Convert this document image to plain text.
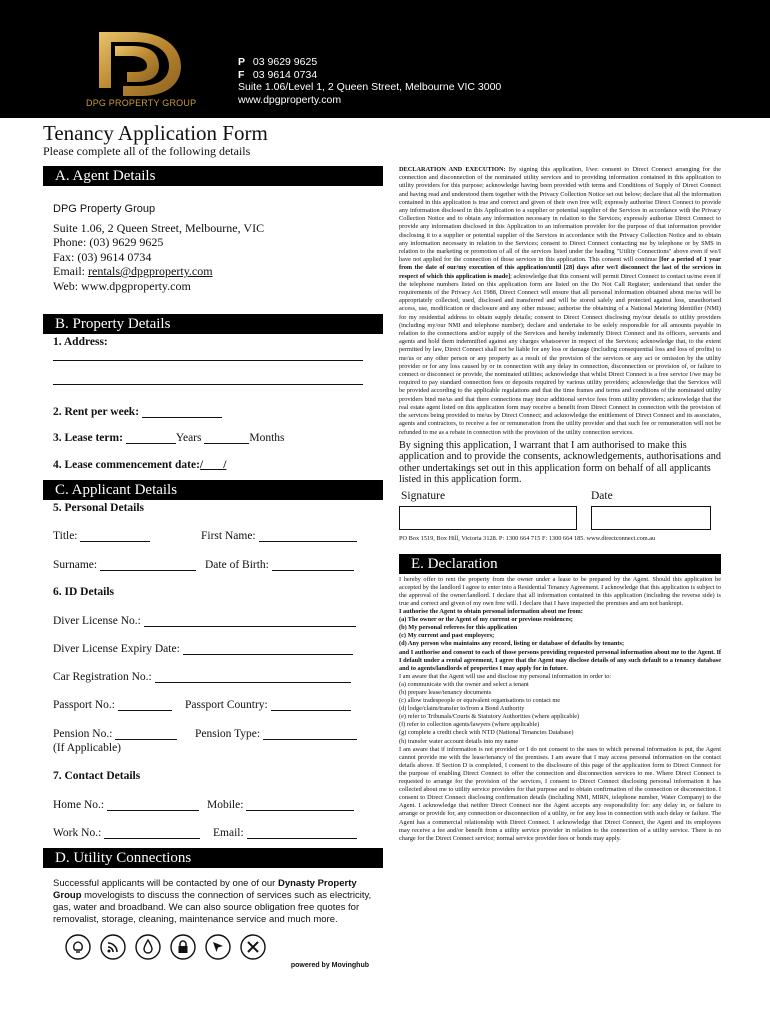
DPG PROPERTY GROUP
P 03 9629 9625
F 03 9614 0734
Suite 1.06/Level 1, 2 Queen Street, Melbourne VIC 3000
www.dpgproperty.com
Tenancy Application Form
Please complete all of the following details
A. Agent Details
DPG Property Group
Suite 1.06, 2 Queen Street, Melbourne, VIC
Phone: (03) 9629 9625
Fax: (03) 9614 0734
Email: rentals@dpgproperty.com
Web: www.dpgproperty.com
B. Property Details
1. Address:
2. Rent per week:
3. Lease term:	Years	Months
4. Lease commencement date:/       /
C. Applicant Details
5. Personal Details
Title:	First Name:
Surname:	Date of Birth:
6. ID Details
Diver License No.:
Diver License Expiry Date:
Car Registration No.:
Passport No.:	Passport Country:
Pension No.:	Pension Type:
(If Applicable)
7. Contact Details
Home No.:	Mobile:
Work No.:	Email:
D. Utility Connections
Successful applicants will be contacted by one of our Dynasty Property Group movelogists to discuss the connection of services such as electricity, gas, water and broadband. We can also source obligation free quotes for removalist, storage, cleaning, maintenance service and much more.
powered by Movinghub
DECLARATION AND EXECUTION: By signing this application, I/we: consent to Direct Connect arranging for the connection and disconnection of the nominated utility services and to providing information contained in this application to utility providers for this purpose; acknowledge having been provided with terms and Conditions of Supply of Direct Connect and having read and understood them together with the Privacy Collection Notice set out below; declare that all the information contained in this application is true and correct and given of their own free will; expressly authorise Direct Connect to provide any information disclosed in this Application to a supplier or potential supplier of the Services in accordance with the Privacy Collection Notice and to obtain any information necessary in relation to the Services; expressly authorise Direct Connect to provide any information disclosed in this Application to an information provider for the purpose of that information provider disclosing it to a supplier or potential supplier of the Services in accordance with the Privacy Collection Notice and to obtain any information necessary in relation to the Services; consent to Direct Connect contacting me by telephone or by SMS in relation to the marketing or promotion of all of the services listed under the heading "Utility Connections" above even if we/I have not applied for the connection of those services in this application. This consent will continue [for a period of 1 year from the date of our/my execution of this application/until [28] days after we/I disconnect the last of the services in respect of which this application is made]; acknowledge that this consent will permit Direct Connect to contact us/me even if the telephone numbers listed on this application form are listed on the Do Not Call Register; understand that under the requirements of the Privacy Act 1988, Direct Connect will ensure that all personal information obtained about me/us will be appropriately collected, used, disclosed and transferred and will be stored safely and protected against loss, unauthorised access, use, modification or disclosure and any other misuse; authorise the obtaining of a National Metering Identifier (NMI) for my residential address to obtain supply details; consent to Direct Connect disclosing my/our details to utility providers (including my/our NMI and telephone number); declare and undertake to be solely responsible for all amounts payable in relation to the connections and/or supply of the Services and hereby indemnify Direct Connect and its officers, servants and agents and hold them indemnified against any charges whatsoever in respect of the Services; acknowledge that, to the extent permitted by law, Direct Connect shall not be liable for any loss or damage (including consequential loss and loss of profits) to me/us or any other person or any property as a result of the provision of the services or any act or omission by the utility provider or for any loss caused by or in connection with any delay in connection, disconnection or provision of, or failure to connect or disconnect or provide, the nominated utilities; acknowledge that whilst Direct Connect is a free service I/we may be required to pay standard connection fees or deposits required by various utility providers; acknowledge that the Services will be provided according to the applicable regulations and that the time frames and terms and conditions of the nominated utility providers bind me/us and that there connections may incur additional service fees from utility providers; acknowledge that the real estate agent listed on this application form may receive a benefit from Direct Connect in connection with the provision of the services being provided to me/us by Direct Connect; and acknowledge the entitlement of Direct Connect and its associates, agents and contractors, to receive a fee or remuneration from the utility provider and that such fee or remuneration will not be refunded to me as a rebate in connection with the provision of the utility connection services.
By signing this application, I warrant that I am authorised to make this application and to provide the consents, acknowledgements, authorisations and other undertakings set out in this application form on behalf of all applicants listed in this application form.
Signature	Date
PO Box 1519, Box Hill, Victoria 3128. P: 1300 664 715 F: 1300 664 185. www.directconnect.com.au
E. Declaration
I hereby offer to rent the property from the owner under a lease to be prepared by the Agent. Should this application be accepted by the landlord I agree to enter into a Residential Tenancy Agreement. I acknowledge that this application is subject to the approval of the owner/landlord. I declare that all information contained in this application (including the reverse side) is true and correct and given of my own free will. I declare that I have inspected the premises and am not bankrupt.
I authorise the Agent to obtain personal information about me from:
(a) The owner or the Agent of my current or previous residences;
(b) My personal referees for this application
(c) My current and past employers;
(d) Any person who maintains any record, listing or database of defaults by tenants;
and I authorise and consent to each of those persons providing requested personal information about me to the Agent. If I default under a rental agreement, I agree that the Agent may disclose details of any such default to a tenancy database and to agents/landlords of properties I may apply for in future.
I am aware that the Agent will use and disclose my personal information in order to:
(a) communicate with the owner and select a tenant
(b) prepare lease/tenancy documents
(c) allow tradespeople or equivalent organisations to contact me
(d) lodge/claim/transfer to/from a Bond Authority
(e) refer to Tribunals/Courts & Statutory Authorities (where applicable)
(f) refer to collection agents/lawyers (where applicable)
(g) complete a credit check with NTD (National Tenancies Database)
(h) transfer water account details into my name
I am aware that if information is not provided or I do not consent to the uses to which personal information is put, the Agent cannot provide me with the lease/tenancy of the premises. I am aware that I may access personal information on the contact details above. If Section D is completed, I consent to the disclosure of this page of the application form to Direct Connect for the purpose of enabling Direct Connect to offer the connection and disconnection services to me. Where Direct Connect is requested to arrange for the provision of the services, I consent to Direct Connect disclosing personal information it has collected about me to utility service providers for that purpose and to obtain confirmation of the connection or disconnection. I consent to Direct Connect disclosing confirmation details (including NMI, MIRN, telephone number, Water Company) to the Agent. I acknowledge that neither Direct Connect nor the Agent accepts any responsibility for: any delay in, or failure to arrange or provide for, any connection or disconnection of a utility, or for any loss in connection with such delay or failure. The Agent has a commercial relationship with Direct Connect. I acknowledge that Direct Connect, the Agent and its employees may receive a fee and/or benefit from a utility service provider in relation to the connection of a utility service. There is no charge for the Direct Connect service; normal service provider fees or bonds may apply.
